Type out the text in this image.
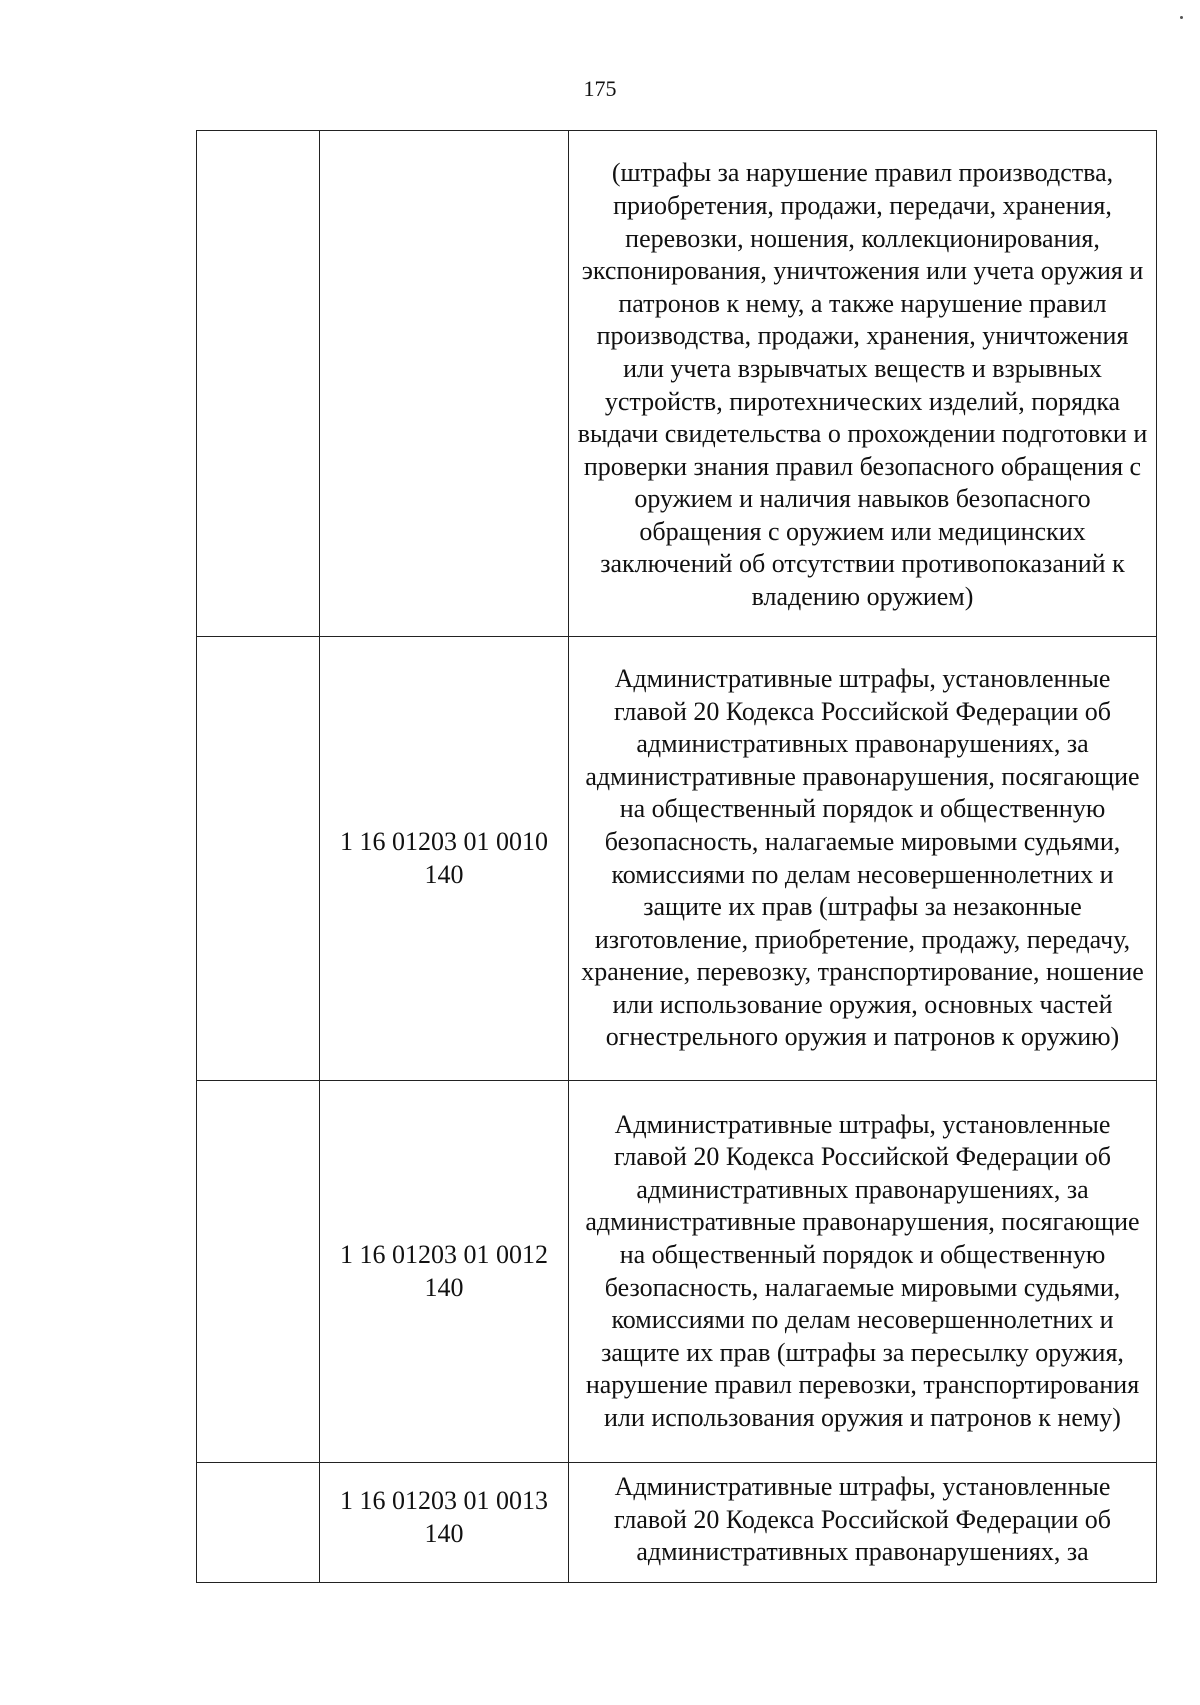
175

		(штрафы за нарушение правил производства, приобретения, продажи, передачи, хранения, перевозки, ношения, коллекционирования, экспонирования, уничтожения или учета оружия и патронов к нему, а также нарушение правил производства, продажи, хранения, уничтожения или учета взрывчатых веществ и взрывных устройств, пиротехнических изделий, порядка выдачи свидетельства о прохождении подготовки и проверки знания правил безопасного обращения с оружием и наличия навыков безопасного обращения с оружием или медицинских заключений об отсутствии противопоказаний к владению оружием)

	1 16 01203 01 0010 140	Административные штрафы, установленные главой 20 Кодекса Российской Федерации об административных правонарушениях, за административные правонарушения, посягающие на общественный порядок и общественную безопасность, налагаемые мировыми судьями, комиссиями по делам несовершеннолетних и защите их прав (штрафы за незаконные изготовление, приобретение, продажу, передачу, хранение, перевозку, транспортирование, ношение или использование оружия, основных частей огнестрельного оружия и патронов к оружию)

	1 16 01203 01 0012 140	Административные штрафы, установленные главой 20 Кодекса Российской Федерации об административных правонарушениях, за административные правонарушения, посягающие на общественный порядок и общественную безопасность, налагаемые мировыми судьями, комиссиями по делам несовершеннолетних и защите их прав (штрафы за пересылку оружия, нарушение правил перевозки, транспортирования или использования оружия и патронов к нему)

	1 16 01203 01 0013 140	Административные штрафы, установленные главой 20 Кодекса Российской Федерации об административных правонарушениях, за
